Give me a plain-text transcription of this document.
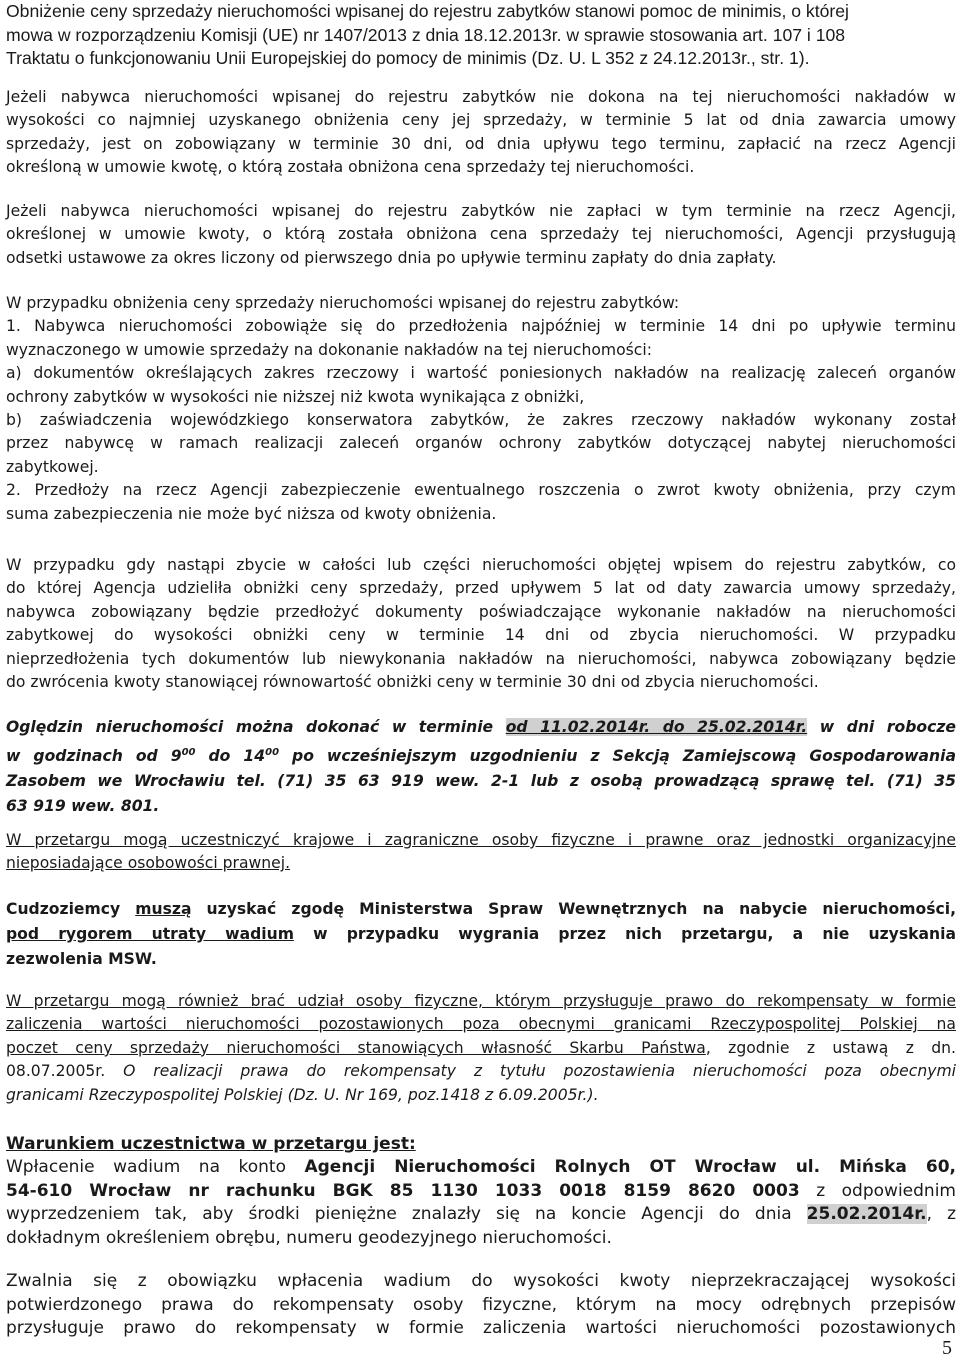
Obniżenie ceny sprzedaży nieruchomości wpisanej do rejestru zabytków stanowi pomoc de minimis, o której
mowa w rozporządzeniu Komisji (UE) nr 1407/2013 z dnia 18.12.2013r. w sprawie stosowania art. 107 i 108
Traktatu o funkcjonowaniu Unii Europejskiej do pomocy de minimis (Dz. U. L 352 z 24.12.2013r., str. 1).
Jeżeli nabywca nieruchomości wpisanej do rejestru zabytków nie dokona na tej nieruchomości nakładów w
wysokości co najmniej uzyskanego obniżenia ceny jej sprzedaży, w terminie 5 lat od dnia zawarcia umowy
sprzedaży, jest on zobowiązany w terminie 30 dni, od dnia upływu tego terminu, zapłacić na rzecz Agencji
określoną w umowie kwotę, o którą została obniżona cena sprzedaży tej nieruchomości.
Jeżeli nabywca nieruchomości wpisanej do rejestru zabytków nie zapłaci w tym terminie na rzecz Agencji,
określonej w umowie kwoty, o którą została obniżona cena sprzedaży tej nieruchomości, Agencji przysługują
odsetki ustawowe za okres liczony od pierwszego dnia po upływie terminu zapłaty do dnia zapłaty.
W przypadku obniżenia ceny sprzedaży nieruchomości wpisanej do rejestru zabytków:
1. Nabywca nieruchomości zobowiąże się do przedłożenia najpóźniej w terminie 14 dni po upływie terminu
wyznaczonego w umowie sprzedaży na dokonanie nakładów na tej nieruchomości:
a) dokumentów określających zakres rzeczowy i wartość poniesionych nakładów na realizację zaleceń organów
ochrony zabytków w wysokości nie niższej niż kwota wynikająca z obniżki,
b) zaświadczenia wojewódzkiego konserwatora zabytków, że zakres rzeczowy nakładów wykonany został
przez nabywcę w ramach realizacji zaleceń organów ochrony zabytków dotyczącej nabytej nieruchomości
zabytkowej.
2. Przedłoży na rzecz Agencji zabezpieczenie ewentualnego roszczenia o zwrot kwoty obniżenia, przy czym
suma zabezpieczenia nie może być niższa od kwoty obniżenia.
W przypadku gdy nastąpi zbycie w całości lub części nieruchomości objętej wpisem do rejestru zabytków, co
do której Agencja udzieliła obniżki ceny sprzedaży, przed upływem 5 lat od daty zawarcia umowy sprzedaży,
nabywca zobowiązany będzie przedłożyć dokumenty poświadczające wykonanie nakładów na nieruchomości
zabytkowej do wysokości obniżki ceny w terminie 14 dni od zbycia nieruchomości. W przypadku
nieprzedłożenia tych dokumentów lub niewykonania nakładów na nieruchomości, nabywca zobowiązany będzie
do zwrócenia kwoty stanowiącej równowartość obniżki ceny w terminie 30 dni od zbycia nieruchomości.
Oględzin nieruchomości można dokonać w terminie od 11.02.2014r. do 25.02.2014r. w dni robocze
w godzinach od $9^{00}$ do $14^{00}$ po wcześniejszym uzgodnieniu z Sekcją Zamiejscową Gospodarowania
Zasobem we Wrocławiu tel. (71) 35 63 919 wew. 2-1 lub z osobą prowadzącą sprawę tel. (71) 35
63 919 wew. 801.
W przetargu mogą uczestniczyć krajowe i zagraniczne osoby fizyczne i prawne oraz jednostki organizacyjne
nieposiadające osobowości prawnej.
Cudzoziemcy muszą uzyskać zgodę Ministerstwa Spraw Wewnętrznych na nabycie nieruchomości,
pod rygorem utraty wadium w przypadku wygrania przez nich przetargu, a nie uzyskania
zezwolenia MSW.
W przetargu mogą również brać udział osoby fizyczne, którym przysługuje prawo do rekompensaty w formie
zaliczenia wartości nieruchomości pozostawionych poza obecnymi granicami Rzeczypospolitej Polskiej na
poczet ceny sprzedaży nieruchomości stanowiących własność Skarbu Państwa, zgodnie z ustawą z dn.
08.07.2005r. O realizacji prawa do rekompensaty z tytułu pozostawienia nieruchomości poza obecnymi
granicami Rzeczypospolitej Polskiej (Dz. U. Nr 169, poz.1418 z 6.09.2005r.).
Warunkiem uczestnictwa w przetargu jest:
Wpłacenie wadium na konto Agencji Nieruchomości Rolnych OT Wrocław ul. Mińska 60,
54-610 Wrocław nr rachunku BGK 85 1130 1033 0018 8159 8620 0003 z odpowiednim
wyprzedzeniem tak, aby środki pieniężne znalazły się na koncie Agencji do dnia 25.02.2014r., z
dokładnym określeniem obrębu, numeru geodezyjnego nieruchomości.
Zwalnia się z obowiązku wpłacenia wadium do wysokości kwoty nieprzekraczającej wysokości
potwierdzonego prawa do rekompensaty osoby fizyczne, którym na mocy odrębnych przepisów
przysługuje prawo do rekompensaty w formie zaliczenia wartości nieruchomości pozostawionych
5
